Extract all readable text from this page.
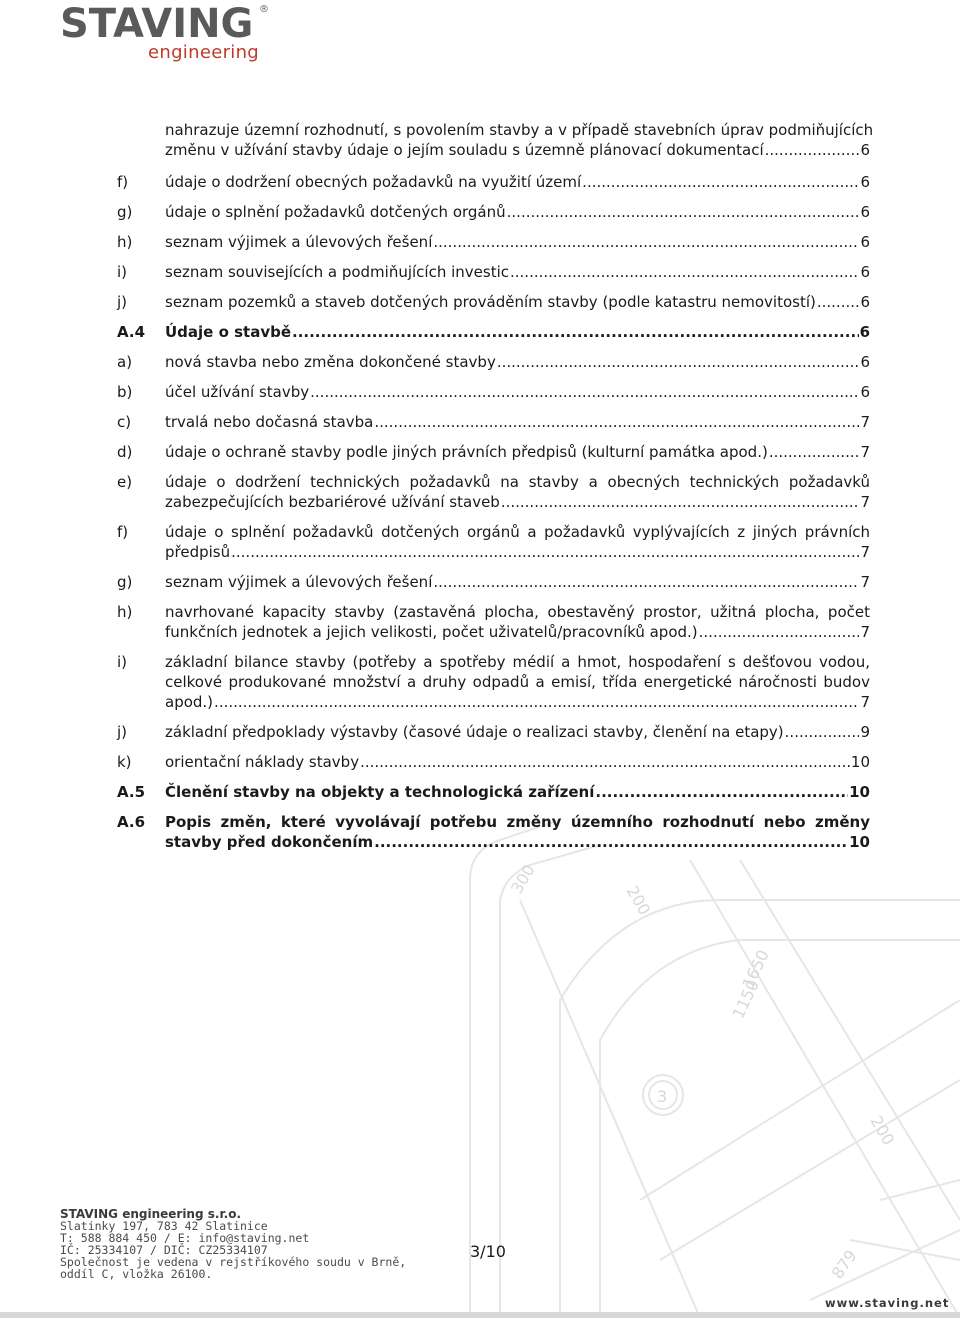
STAVING ®
engineering
300
200
1650
1150
3
200
879
nahrazuje územní rozhodnutí, s povolením stavby a v případě stavebních úprav podmiňujících
změnu v užívání stavby údaje o jejím souladu s územně plánovací dokumentací .....	6
f) údaje o dodržení obecných požadavků na využití území .....	6
g) údaje o splnění požadavků dotčených orgánů .....	6
h) seznam výjimek a úlevových řešení .....	6
i)	seznam souvisejících a podmiňujících investic .....	6
j)	seznam pozemků a staveb dotčených prováděním stavby (podle katastru nemovitostí) .....	6
A.4 Údaje o stavbě .....	6
a) nová stavba nebo změna dokončené stavby .....	6
b) účel užívání stavby .....	6
c) trvalá nebo dočasná stavba .....	7
d) údaje o ochraně stavby podle jiných právních předpisů (kulturní památka apod.) .....	7
e) údaje o dodržení technických požadavků na stavby a obecných technických požadavků
zabezpečujících bezbariérové užívání staveb .....	7
f) údaje o splnění požadavků dotčených orgánů a požadavků vyplývajících z jiných právních
předpisů .....	7
g) seznam výjimek a úlevových řešení .....	7
h) navrhované kapacity stavby (zastavěná plocha, obestavěný prostor, užitná plocha, počet
funkčních jednotek a jejich velikosti, počet uživatelů/pracovníků apod.) .....	7
i)	základní bilance stavby (potřeby a spotřeby médií a hmot, hospodaření s dešťovou vodou,
celkové produkované množství a druhy odpadů a emisí, třída energetické náročnosti budov
apod.) .....	7
j)	základní předpoklady výstavby (časové údaje o realizaci stavby, členění na etapy) .....	9
k) orientační náklady stavby .....	10
A.5 Členění stavby na objekty a technologická zařízení .....	10
A.6 Popis změn, které vyvolávají potřebu změny územního rozhodnutí nebo změny
stavby před dokončením .....	10
STAVING engineering s.r.o.
Slatinky 197, 783 42 Slatinice
T: 588 884 450 / E: info@staving.net
IČ: 25334107 / DIČ: CZ25334107
Společnost je vedena v rejstříkového soudu v Brně,
oddíl C, vložka 26100.
3/10
www.staving.net
